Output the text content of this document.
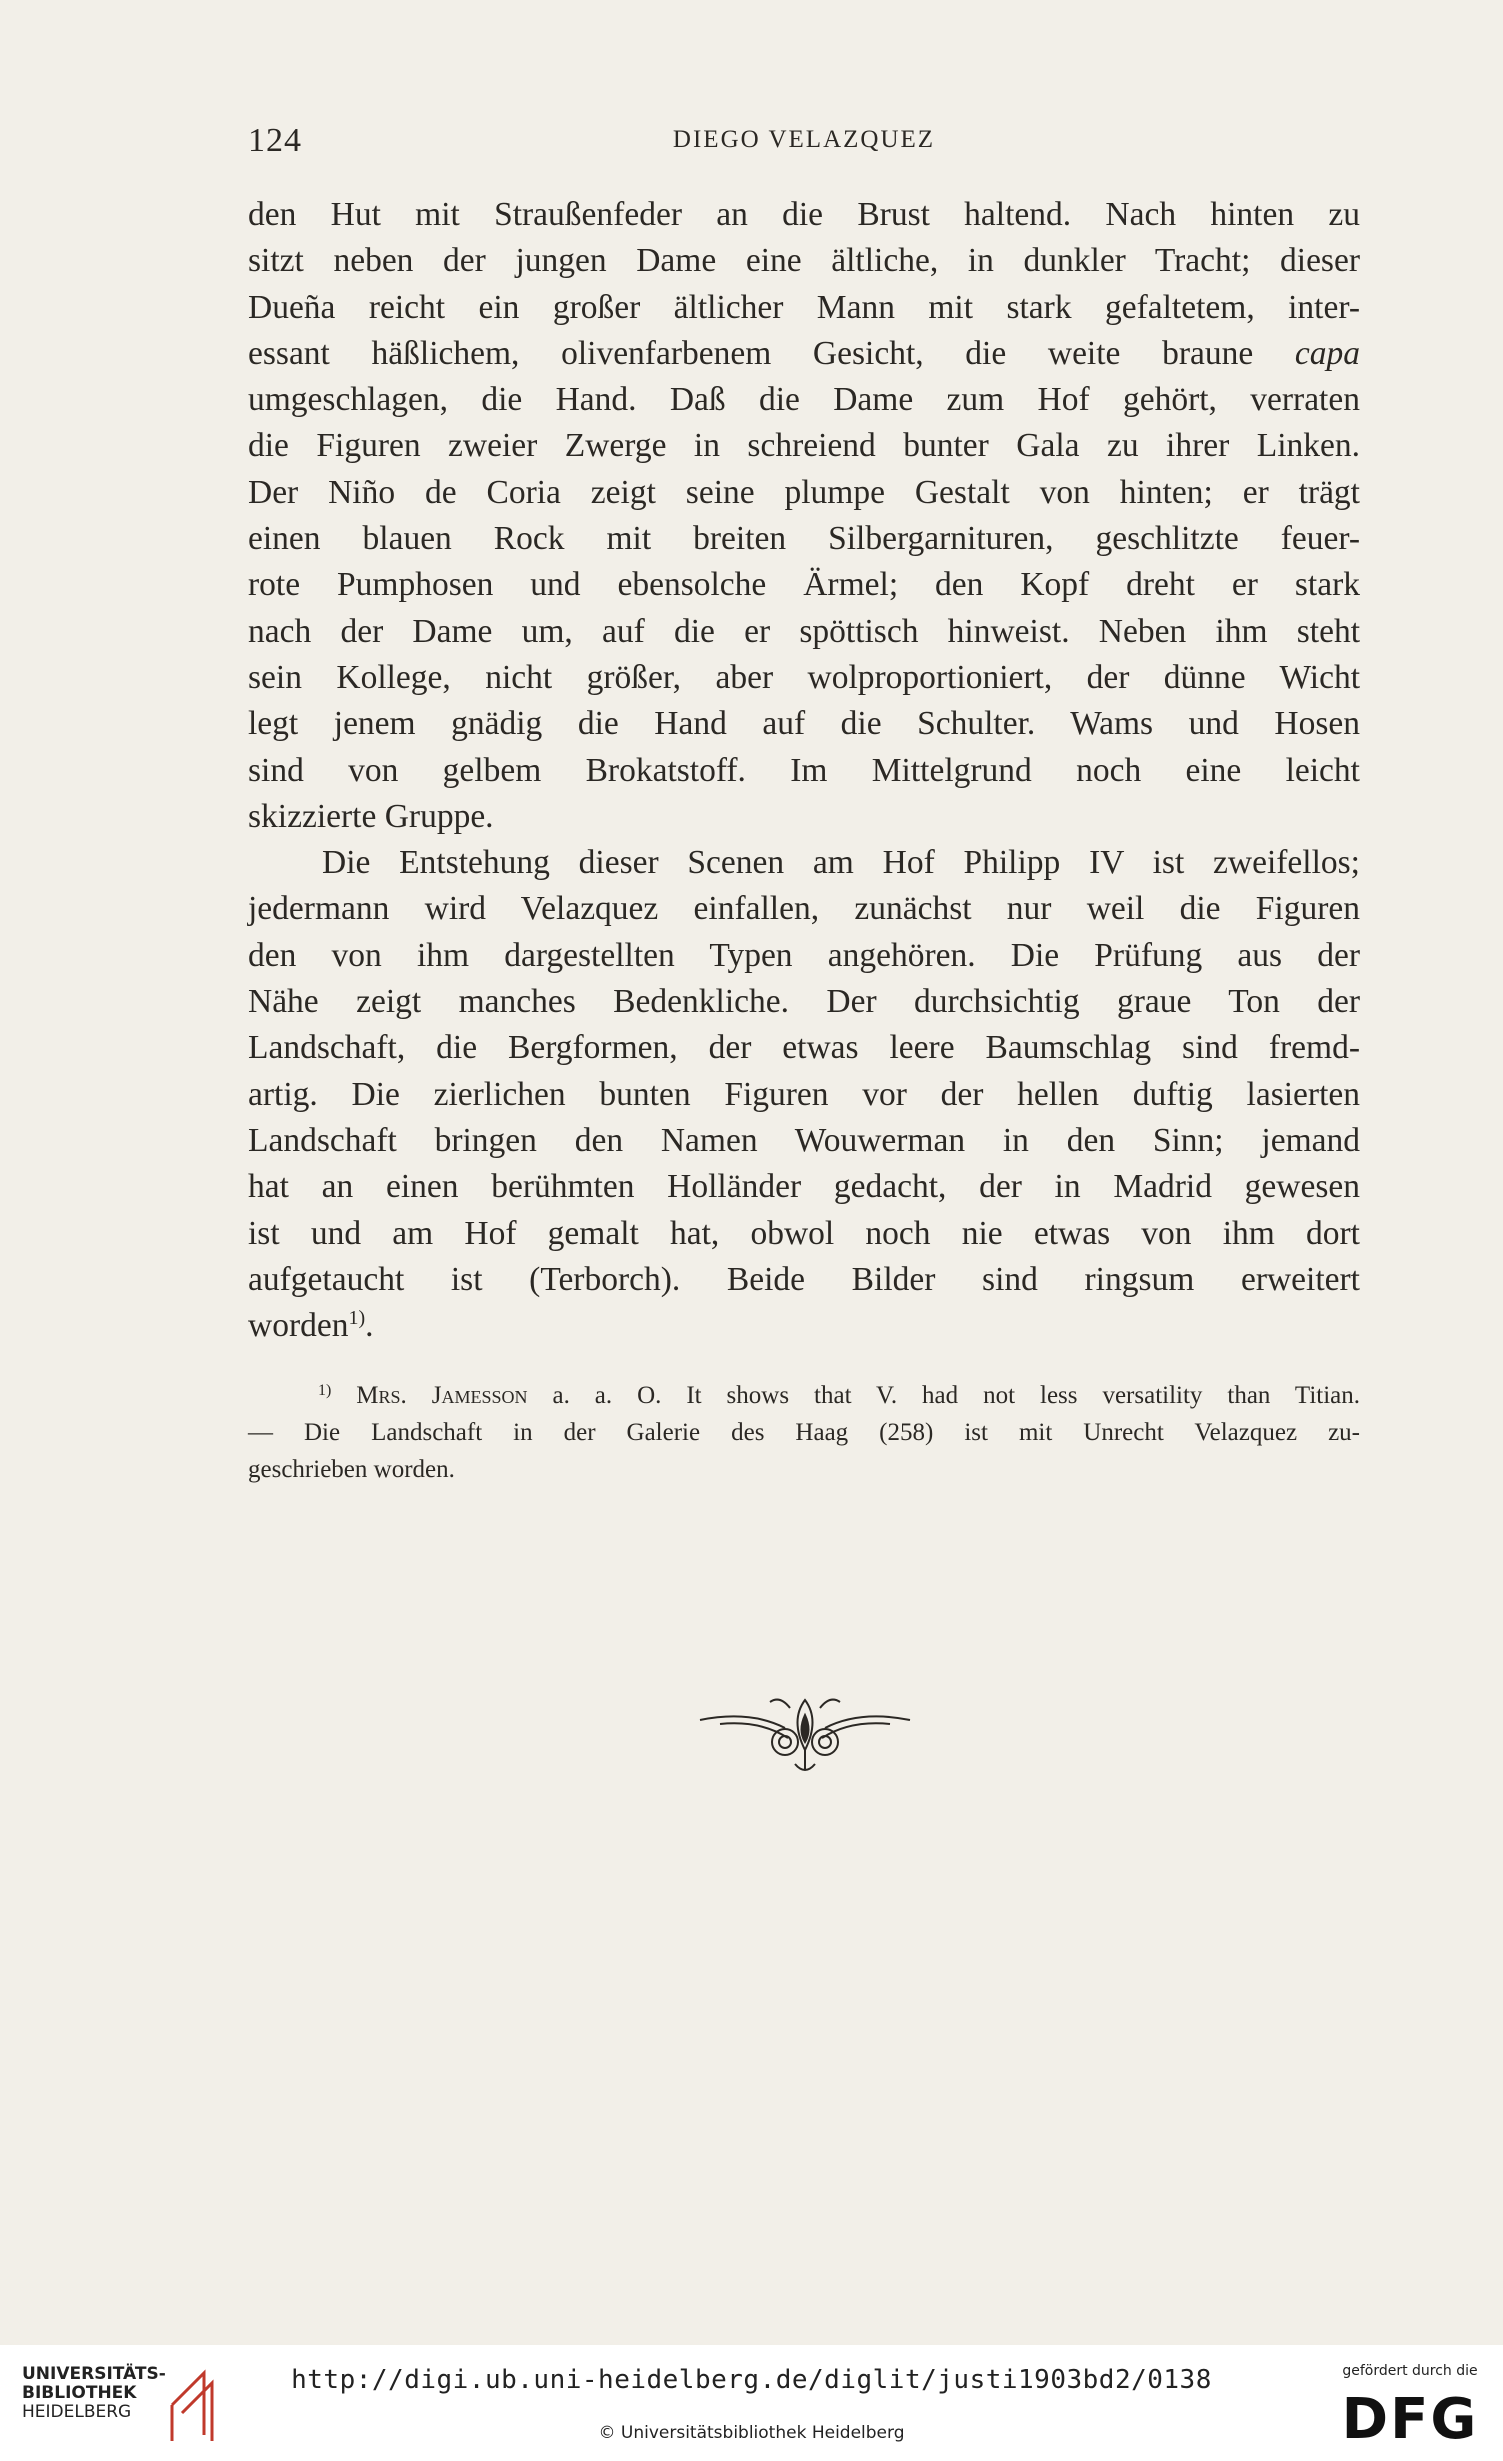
124	DIEGO VELAZQUEZ
den Hut mit Straußenfeder an die Brust haltend. Nach hinten zu
sitzt neben der jungen Dame eine ältliche, in dunkler Tracht; dieser
Dueña reicht ein großer ältlicher Mann mit stark gefaltetem, inter-
essant häßlichem, olivenfarbenem Gesicht, die weite braune capa
umgeschlagen, die Hand. Daß die Dame zum Hof gehört, verraten
die Figuren zweier Zwerge in schreiend bunter Gala zu ihrer Linken.
Der Niño de Coria zeigt seine plumpe Gestalt von hinten; er trägt
einen blauen Rock mit breiten Silbergarnituren, geschlitzte feuer-
rote Pumphosen und ebensolche Ärmel; den Kopf dreht er stark
nach der Dame um, auf die er spöttisch hinweist. Neben ihm steht
sein Kollege, nicht größer, aber wolproportioniert, der dünne Wicht
legt jenem gnädig die Hand auf die Schulter. Wams und Hosen
sind von gelbem Brokatstoff. Im Mittelgrund noch eine leicht
skizzierte Gruppe.
Die Entstehung dieser Scenen am Hof Philipp IV ist zweifellos;
jedermann wird Velazquez einfallen, zunächst nur weil die Figuren
den von ihm dargestellten Typen angehören. Die Prüfung aus der
Nähe zeigt manches Bedenkliche. Der durchsichtig graue Ton der
Landschaft, die Bergformen, der etwas leere Baumschlag sind fremd-
artig. Die zierlichen bunten Figuren vor der hellen duftig lasierten
Landschaft bringen den Namen Wouwerman in den Sinn; jemand
hat an einen berühmten Holländer gedacht, der in Madrid gewesen
ist und am Hof gemalt hat, obwol noch nie etwas von ihm dort
aufgetaucht ist (Terborch). Beide Bilder sind ringsum erweitert
worden$^{1)}$.
$^{1)}$ Mrs. Jamesson a. a. O. It shows that V. had not less versatility than Titian.
— Die Landschaft in der Galerie des Haag (258) ist mit Unrecht Velazquez zu-
geschrieben worden.
UNIVERSITÄTS-
BIBLIOTHEK
HEIDELBERG
http://digi.ub.uni-heidelberg.de/diglit/justi1903bd2/0138
© Universitätsbibliothek Heidelberg
gefördert durch die
DFG
